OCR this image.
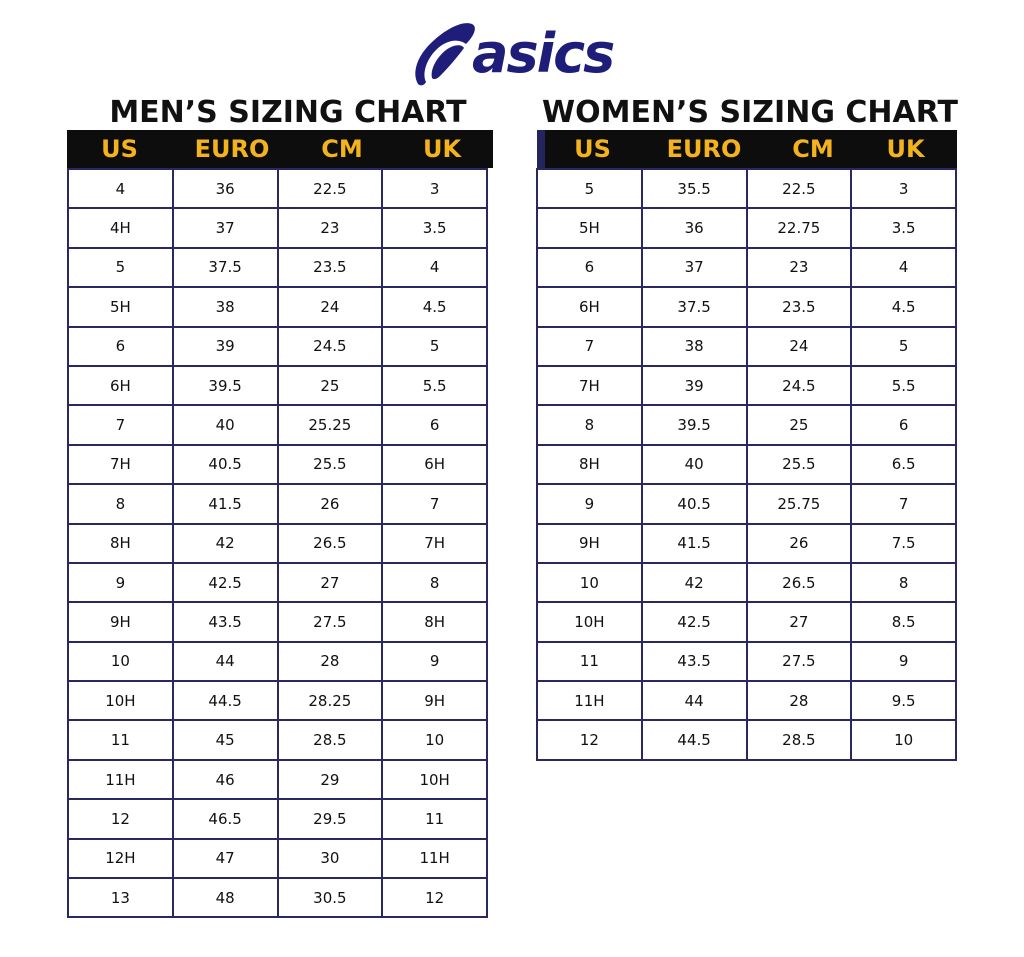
asics
MEN’S SIZING CHART	WOMEN’S SIZING CHART
US	EURO	CM	UK	US	EURO	CM	UK
4	36	22.5	3
4H	37	23	3.5
5	37.5	23.5	4
5H	38	24	4.5
6	39	24.5	5
6H	39.5	25	5.5
7	40	25.25	6
7H	40.5	25.5	6H
8	41.5	26	7
8H	42	26.5	7H
9	42.5	27	8
9H	43.5	27.5	8H
10	44	28	9
10H	44.5	28.25	9H
11	45	28.5	10
11H	46	29	10H
12	46.5	29.5	11
12H	47	30	11H
13	48	30.5	12
5	35.5	22.5	3
5H	36	22.75	3.5
6	37	23	4
6H	37.5	23.5	4.5
7	38	24	5
7H	39	24.5	5.5
8	39.5	25	6
8H	40	25.5	6.5
9	40.5	25.75	7
9H	41.5	26	7.5
10	42	26.5	8
10H	42.5	27	8.5
11	43.5	27.5	9
11H	44	28	9.5
12	44.5	28.5	10
